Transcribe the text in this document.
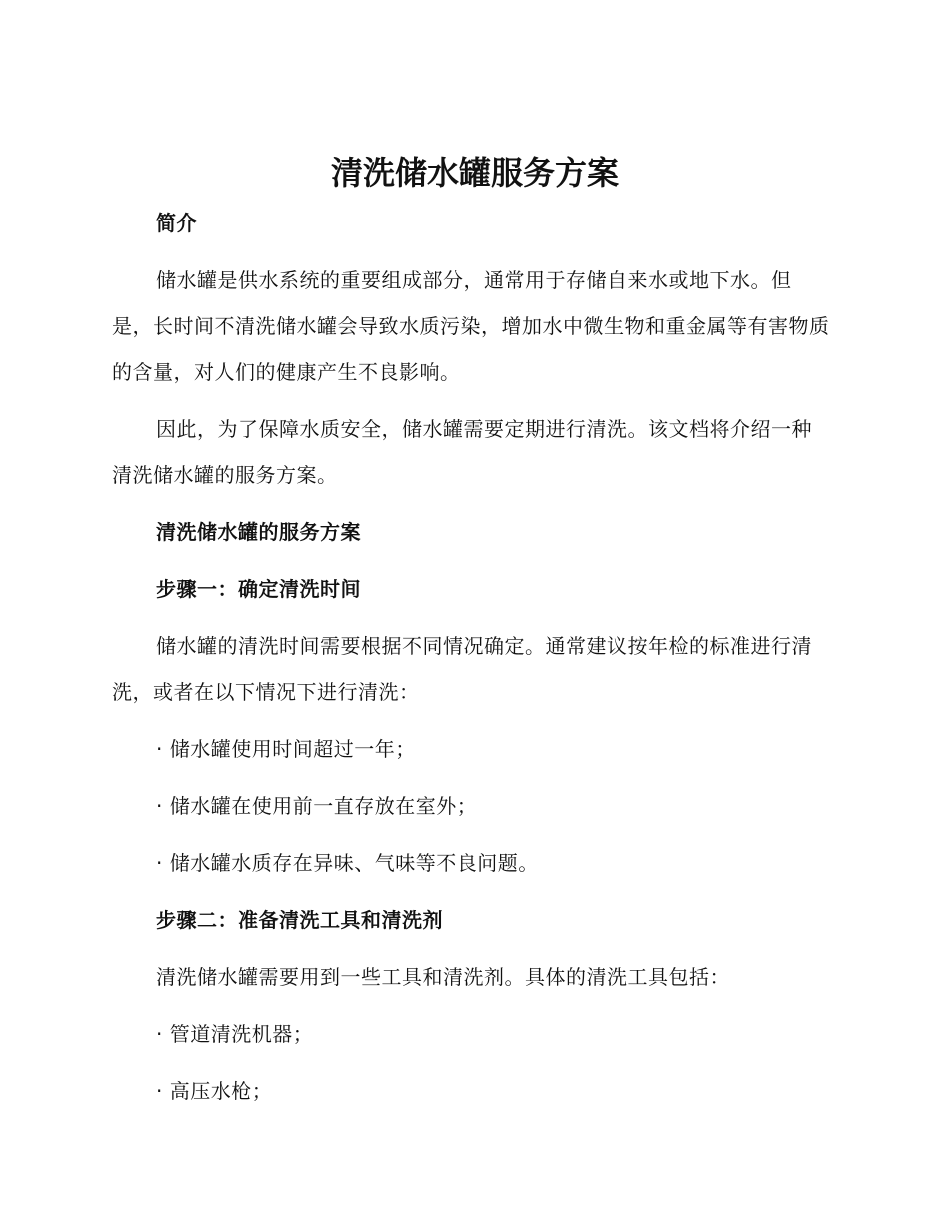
清洗储水罐服务方案

简介

储水罐是供水系统的重要组成部分，通常用于存储自来水或地下水。但是，长时间不清洗储水罐会导致水质污染，增加水中微生物和重金属等有害物质的含量，对人们的健康产生不良影响。

因此，为了保障水质安全，储水罐需要定期进行清洗。该文档将介绍一种清洗储水罐的服务方案。

清洗储水罐的服务方案

步骤一：确定清洗时间

储水罐的清洗时间需要根据不同情况确定。通常建议按年检的标准进行清洗，或者在以下情况下进行清洗：

· 储水罐使用时间超过一年；

· 储水罐在使用前一直存放在室外；

· 储水罐水质存在异味、气味等不良问题。

步骤二：准备清洗工具和清洗剂

清洗储水罐需要用到一些工具和清洗剂。具体的清洗工具包括：

· 管道清洗机器；

· 高压水枪；
